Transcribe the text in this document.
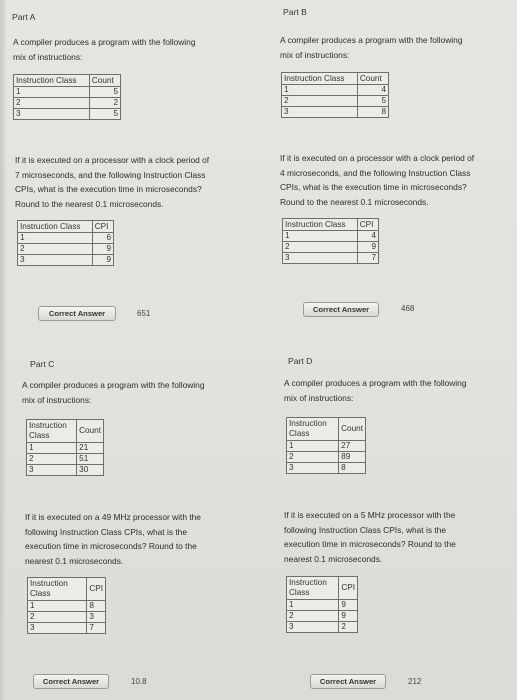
Part A
A compiler produces a program with the following
mix of instructions:
Instruction Class	Count
1	5
2	2
3	5
If it is executed on a processor with a clock period of
7 microseconds, and the following Instruction Class
CPIs, what is the execution time in microseconds?
Round to the nearest 0.1 microseconds.
Instruction Class	CPI
1	6
2	9
3	9
Correct Answer	651
Part B
A compiler produces a program with the following
mix of instructions:
Instruction Class	Count
1	4
2	5
3	8
If it is executed on a processor with a clock period of
4 microseconds, and the following Instruction Class
CPIs, what is the execution time in microseconds?
Round to the nearest 0.1 microseconds.
Instruction Class	CPI
1	4
2	9
3	7
Correct Answer	468
Part C
A compiler produces a program with the following
mix of instructions:
Instruction Class	Count
1	21
2	51
3	30
If it is executed on a 49 MHz processor with the
following Instruction Class CPIs, what is the
execution time in microseconds? Round to the
nearest 0.1 microseconds.
Instruction Class	CPI
1	8
2	3
3	7
Correct Answer	10.8
Part D
A compiler produces a program with the following
mix of instructions:
Instruction Class	Count
1	27
2	89
3	8
If it is executed on a 5 MHz processor with the
following Instruction Class CPIs, what is the
execution time in microseconds? Round to the
nearest 0.1 microseconds.
Instruction Class	CPI
1	9
2	9
3	2
Correct Answer	212
